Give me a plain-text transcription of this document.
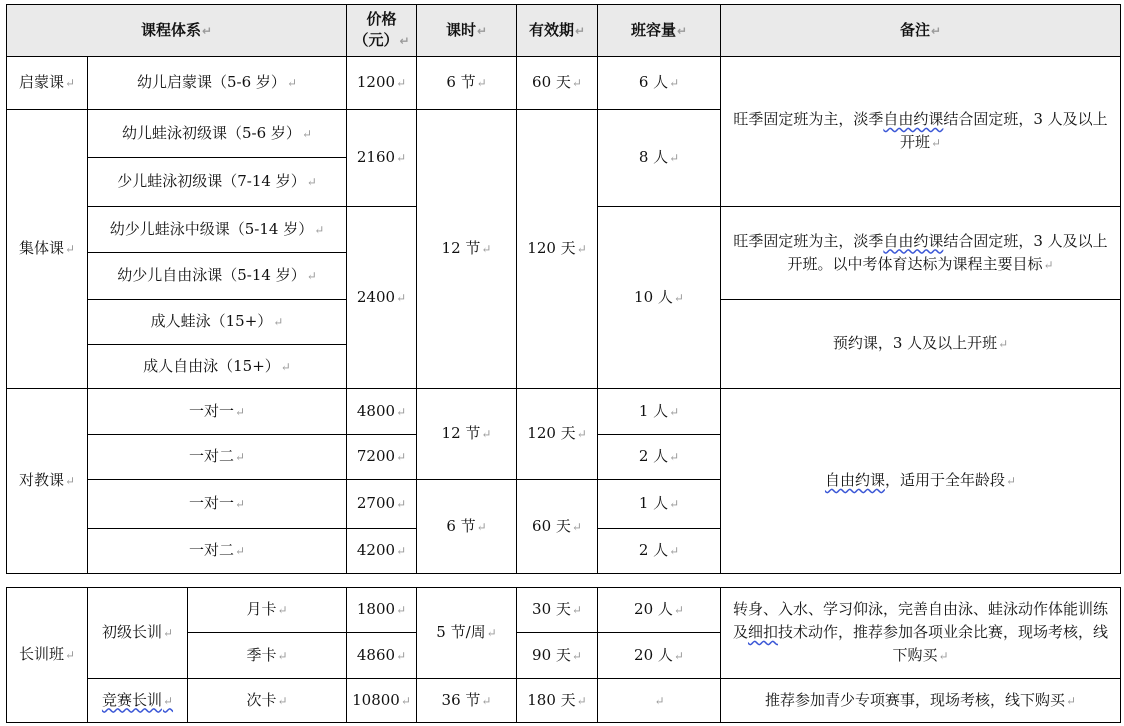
课程体系 ↵		价格（元） ↵	课时 ↵	有效期 ↵	班容量 ↵	备注 ↵
启蒙课 ↵	幼儿启蒙课（5-6 岁） ↵	1200 ↵	6 节 ↵	60 天 ↵	6 人 ↵	旺季固定班为主，淡季自由约课结合固定班，3 人及以上开班 ↵
集体课 ↵	幼儿蛙泳初级课（5-6 岁） ↵	2160 ↵	12 节 ↵	120 天 ↵	8 人 ↵
	少儿蛙泳初级课（7-14 岁） ↵
	幼少儿蛙泳中级课（5-14 岁） ↵	2400 ↵			10 人 ↵	旺季固定班为主，淡季自由约课结合固定班，3 人及以上开班。以中考体育达标为课程主要目标 ↵
	幼少儿自由泳课（5-14 岁） ↵
	成人蛙泳（15+） ↵					预约课，3 人及以上开班 ↵
	成人自由泳（15+） ↵
对教课 ↵	一对一 ↵	4800 ↵	12 节 ↵	120 天 ↵	1 人 ↵	自由约课，适用于全年龄段 ↵
	一对二 ↵	7200 ↵			2 人 ↵
	一对一 ↵	2700 ↵	6 节 ↵	60 天 ↵	1 人 ↵
	一对二 ↵	4200 ↵			2 人 ↵
长训班 ↵	初级长训 ↵	月卡 ↵	1800 ↵	5 节/周 ↵	30 天 ↵	20 人 ↵	转身、入水、学习仰泳，完善自由泳、蛙泳动作体能训练及细扣技术动作，推荐参加各项业余比赛，现场考核，线下购买 ↵
		季卡 ↵	4860 ↵		90 天 ↵	20 人 ↵
	竞赛长训 ↵	次卡 ↵	10800 ↵	36 节 ↵	180 天 ↵	↵	推荐参加青少专项赛事，现场考核，线下购买 ↵
